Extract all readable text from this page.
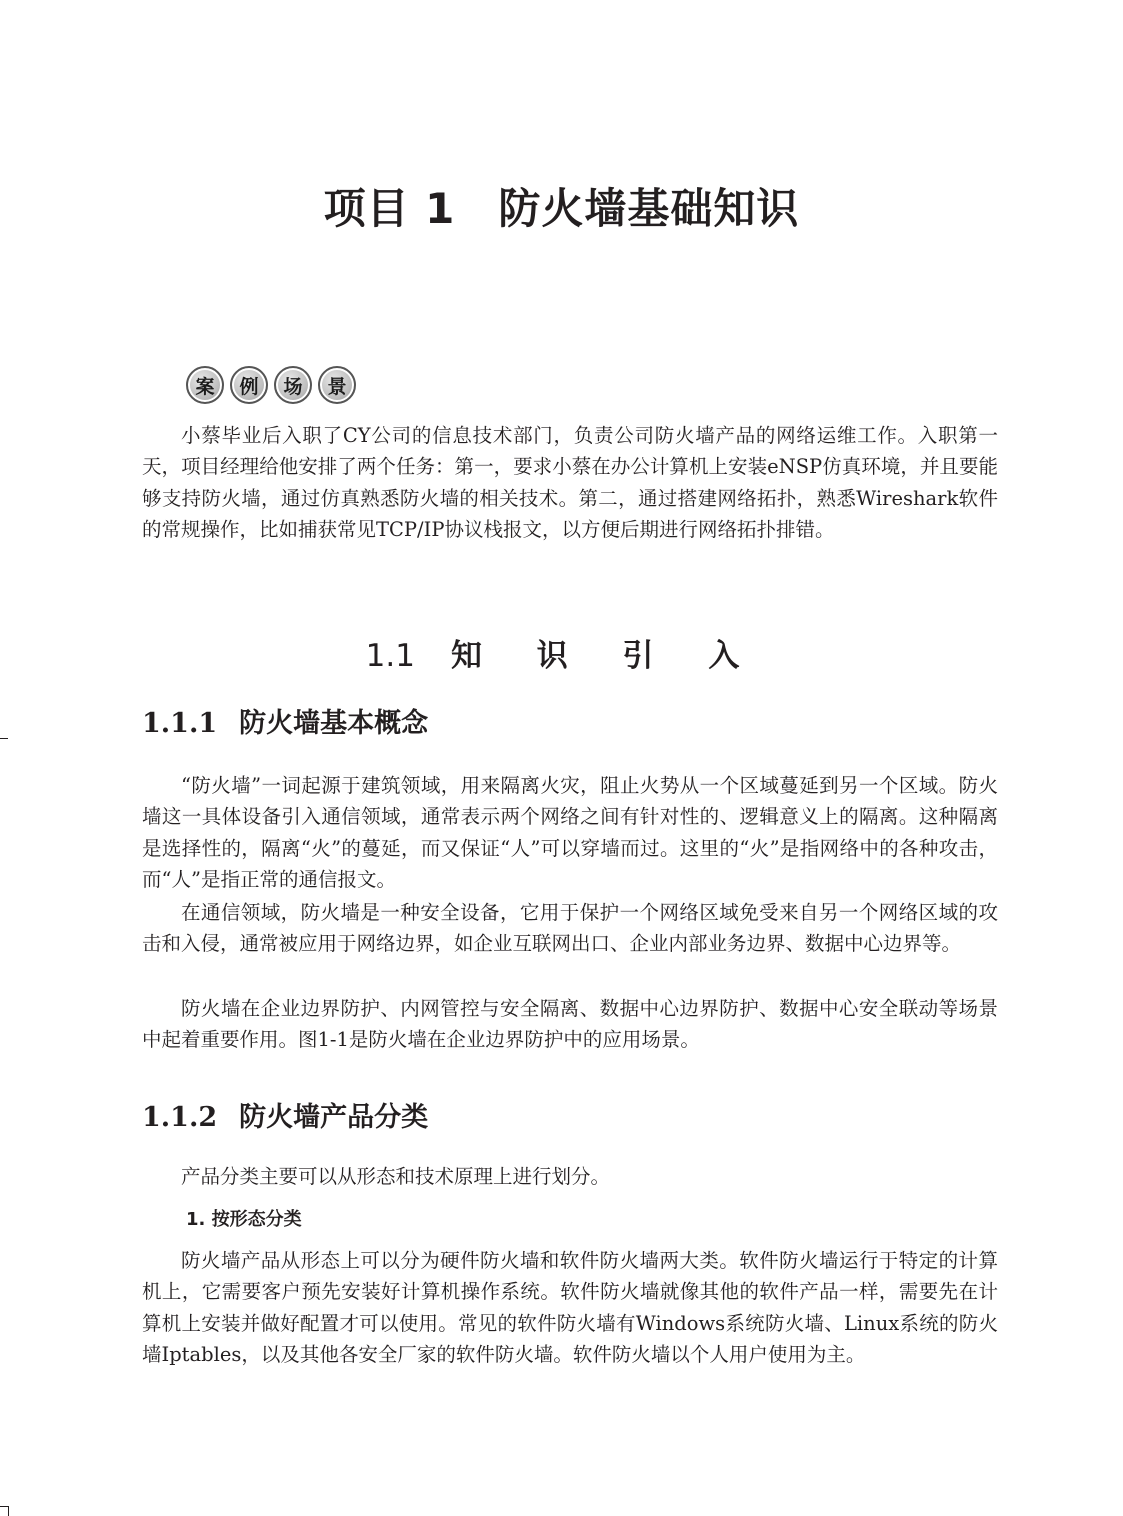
项目 1　防火墙基础知识
案	例	场	景

小蔡毕业后入职了CY公司的信息技术部门，负责公司防火墙产品的网络运维工作。入职第一天，项目经理给他安排了两个任务：第一，要求小蔡在办公计算机上安装eNSP仿真环境，并且要能够支持防火墙，通过仿真熟悉防火墙的相关技术。第二，通过搭建网络拓扑，熟悉Wireshark软件的常规操作，比如捕获常见TCP/IP协议栈报文，以方便后期进行网络拓扑排错。

1.1 知 识 引 入
1.1.1 防火墙基本概念

“防火墙”一词起源于建筑领域，用来隔离火灾，阻止火势从一个区域蔓延到另一个区域。防火墙这一具体设备引入通信领域，通常表示两个网络之间有针对性的、逻辑意义上的隔离。这种隔离是选择性的，隔离“火”的蔓延，而又保证“人”可以穿墙而过。这里的“火”是指网络中的各种攻击，而“人”是指正常的通信报文。

在通信领域，防火墙是一种安全设备，它用于保护一个网络区域免受来自另一个网络区域的攻击和入侵，通常被应用于网络边界，如企业互联网出口、企业内部业务边界、数据中心边界等。

防火墙在企业边界防护、内网管控与安全隔离、数据中心边界防护、数据中心安全联动等场景中起着重要作用。图1-1是防火墙在企业边界防护中的应用场景。

1.1.2 防火墙产品分类

产品分类主要可以从形态和技术原理上进行划分。

1. 按形态分类

防火墙产品从形态上可以分为硬件防火墙和软件防火墙两大类。软件防火墙运行于特定的计算机上，它需要客户预先安装好计算机操作系统。软件防火墙就像其他的软件产品一样，需要先在计算机上安装并做好配置才可以使用。常见的软件防火墙有Windows系统防火墙、Linux系统的防火墙Iptables，以及其他各安全厂家的软件防火墙。软件防火墙以个人用户使用为主。
